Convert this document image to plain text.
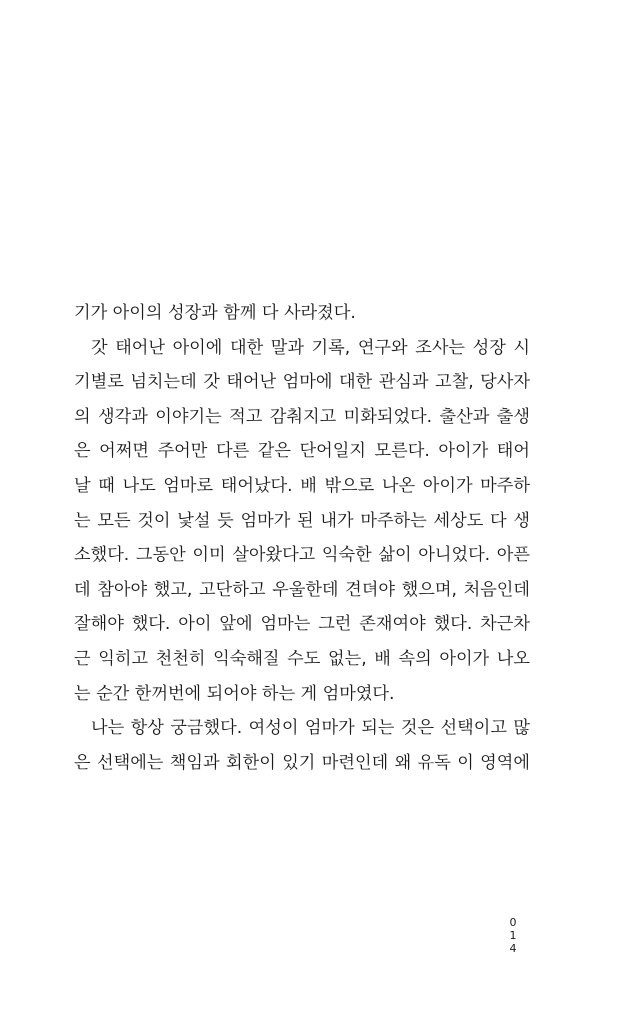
기가 아이의 성장과 함께 다 사라졌다.
갓 태어난 아이에 대한 말과 기록, 연구와 조사는 성장 시
기별로 넘치는데 갓 태어난 엄마에 대한 관심과 고찰, 당사자
의 생각과 이야기는 적고 감춰지고 미화되었다. 출산과 출생
은 어쩌면 주어만 다른 같은 단어일지 모른다. 아이가 태어
날 때 나도 엄마로 태어났다. 배 밖으로 나온 아이가 마주하
는 모든 것이 낯설 듯 엄마가 된 내가 마주하는 세상도 다 생
소했다. 그동안 이미 살아왔다고 익숙한 삶이 아니었다. 아픈
데 참아야 했고, 고단하고 우울한데 견뎌야 했으며, 처음인데
잘해야 했다. 아이 앞에 엄마는 그런 존재여야 했다. 차근차
근 익히고 천천히 익숙해질 수도 없는, 배 속의 아이가 나오
는 순간 한꺼번에 되어야 하는 게 엄마였다.
나는 항상 궁금했다. 여성이 엄마가 되는 것은 선택이고 많
은 선택에는 책임과 회한이 있기 마련인데 왜 유독 이 영역에
0
1
4
